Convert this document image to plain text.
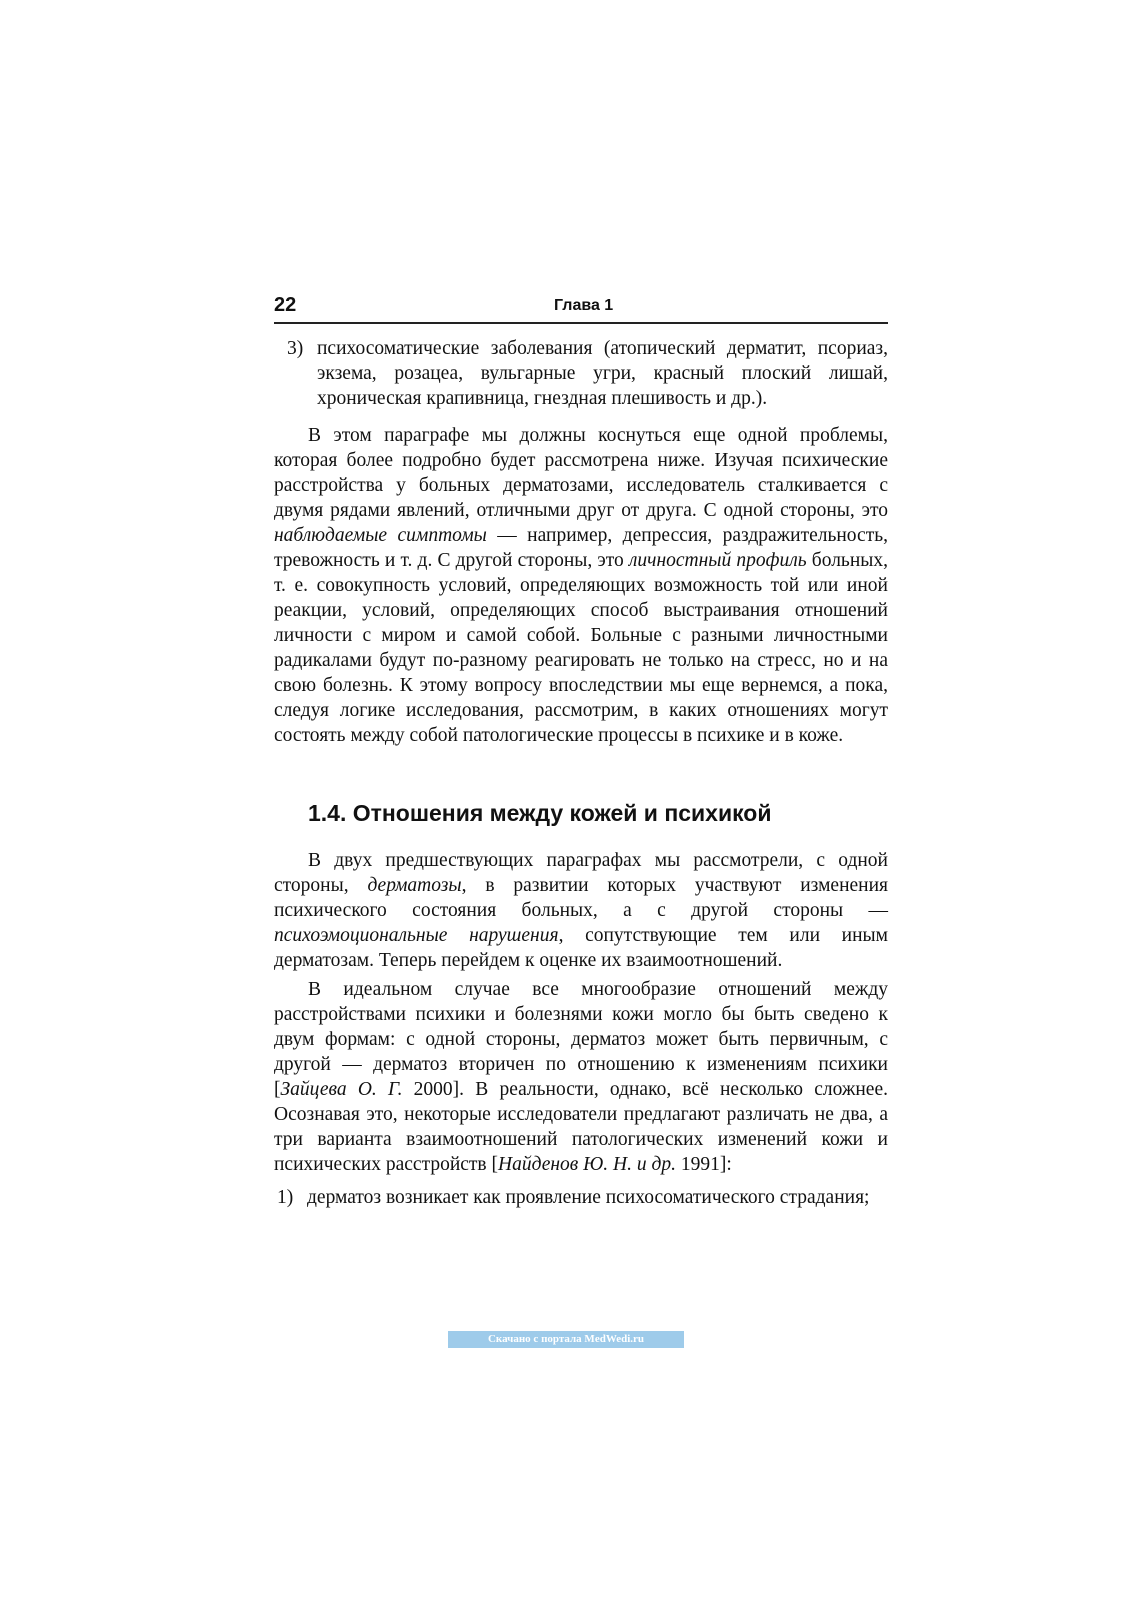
22	Глава 1
3) психосоматические заболевания (атопический дерматит, псориаз, экзема, розацеа, вульгарные угри, красный плоский лишай, хроническая крапивница, гнездная плешивость и др.).

В этом параграфе мы должны коснуться еще одной проблемы, которая более подробно будет рассмотрена ниже. Изучая психические расстройства у больных дерматозами, исследователь сталкивается с двумя рядами явлений, отличными друг от друга. С одной стороны, это наблюдаемые симптомы — например, депрессия, раздражительность, тревожность и т. д. С другой стороны, это личностный профиль больных, т. е. совокупность условий, определяющих возможность той или иной реакции, условий, определяющих способ выстраивания отношений личности с миром и самой собой. Больные с разными личностными радикалами будут по-разному реагировать не только на стресс, но и на свою болезнь. К этому вопросу впоследствии мы еще вернемся, а пока, следуя логике исследования, рассмотрим, в каких отношениях могут состоять между собой патологические процессы в психике и в коже.

1.4. Отношения между кожей и психикой

В двух предшествующих параграфах мы рассмотрели, с одной стороны, дерматозы, в развитии которых участвуют изменения психического состояния больных, а с другой стороны — психоэмоциональные нарушения, сопутствующие тем или иным дерматозам. Теперь перейдем к оценке их взаимоотношений.

В идеальном случае все многообразие отношений между расстройствами психики и болезнями кожи могло бы быть сведено к двум формам: с одной стороны, дерматоз может быть первичным, с другой — дерматоз вторичен по отношению к изменениям психики [Зайцева О. Г. 2000]. В реальности, однако, всё несколько сложнее. Осознавая это, некоторые исследователи предлагают различать не два, а три варианта взаимоотношений патологических изменений кожи и психических расстройств [Найденов Ю. Н. и др. 1991]:

1) дерматоз возникает как проявление психосоматического страдания;
Скачано с портала MedWedi.ru
